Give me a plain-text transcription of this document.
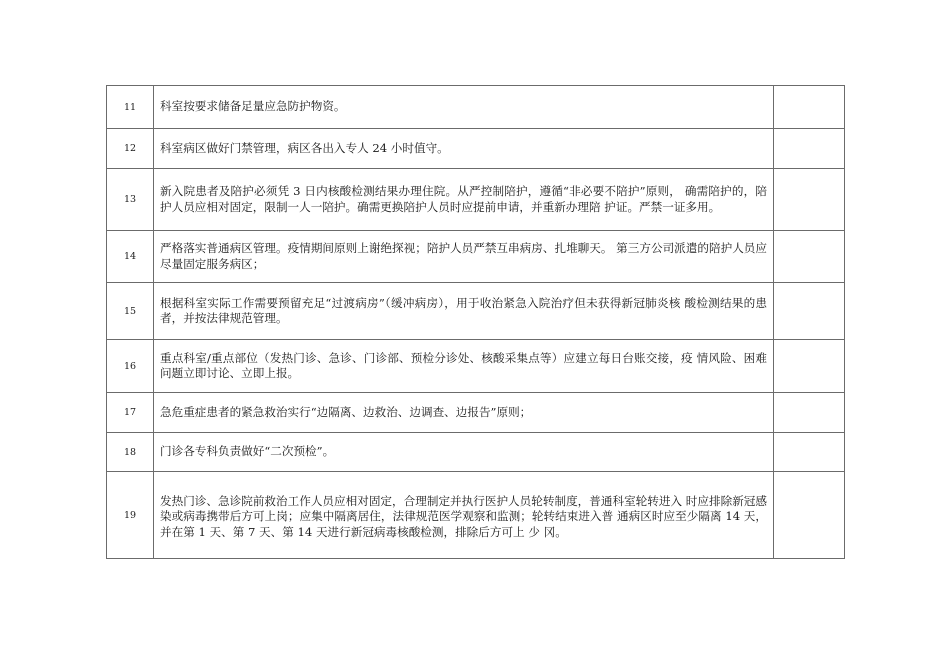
11	科室按要求储备足量应急防护物资。	
12	科室病区做好门禁管理，病区各出入专人 24 小时值守。	
13	新入院患者及陪护必须凭 3 日内核酸检测结果办理住院。从严控制陪护，遵循“非必要不陪护”原则， 确需陪护的，陪护人员应相对固定，限制一人一陪护。确需更换陪护人员时应提前申请，并重新办理陪 护证。严禁一证多用。	
14	严格落实普通病区管理。疫情期间原则上谢绝探视；陪护人员严禁互串病房、扎堆聊天。 第三方公司派遣的陪护人员应尽量固定服务病区；	
15	根据科室实际工作需要预留充足“过渡病房”（缓冲病房），用于收治紧急入院治疗但未获得新冠肺炎核 酸检测结果的患者，并按法律规范管理。	
16	重点科室/重点部位（发热门诊、急诊、门诊部、预检分诊处、核酸采集点等）应建立每日台账交接，疫 情风险、困难问题立即讨论、立即上报。	
17	急危重症患者的紧急救治实行“边隔离、边救治、边调查、边报告”原则；	
18	门诊各专科负责做好“二次预检”。	
19	发热门诊、急诊院前救治工作人员应相对固定，合理制定并执行医护人员轮转制度，普通科室轮转进入 时应排除新冠感染或病毒携带后方可上岗；应集中隔离居住，法律规范医学观察和监测；轮转结束进入普 通病区时应至少隔离 14 天，并在第 1 天、第 7 天、第 14 天进行新冠病毒核酸检测，排除后方可上 少 冈。	
